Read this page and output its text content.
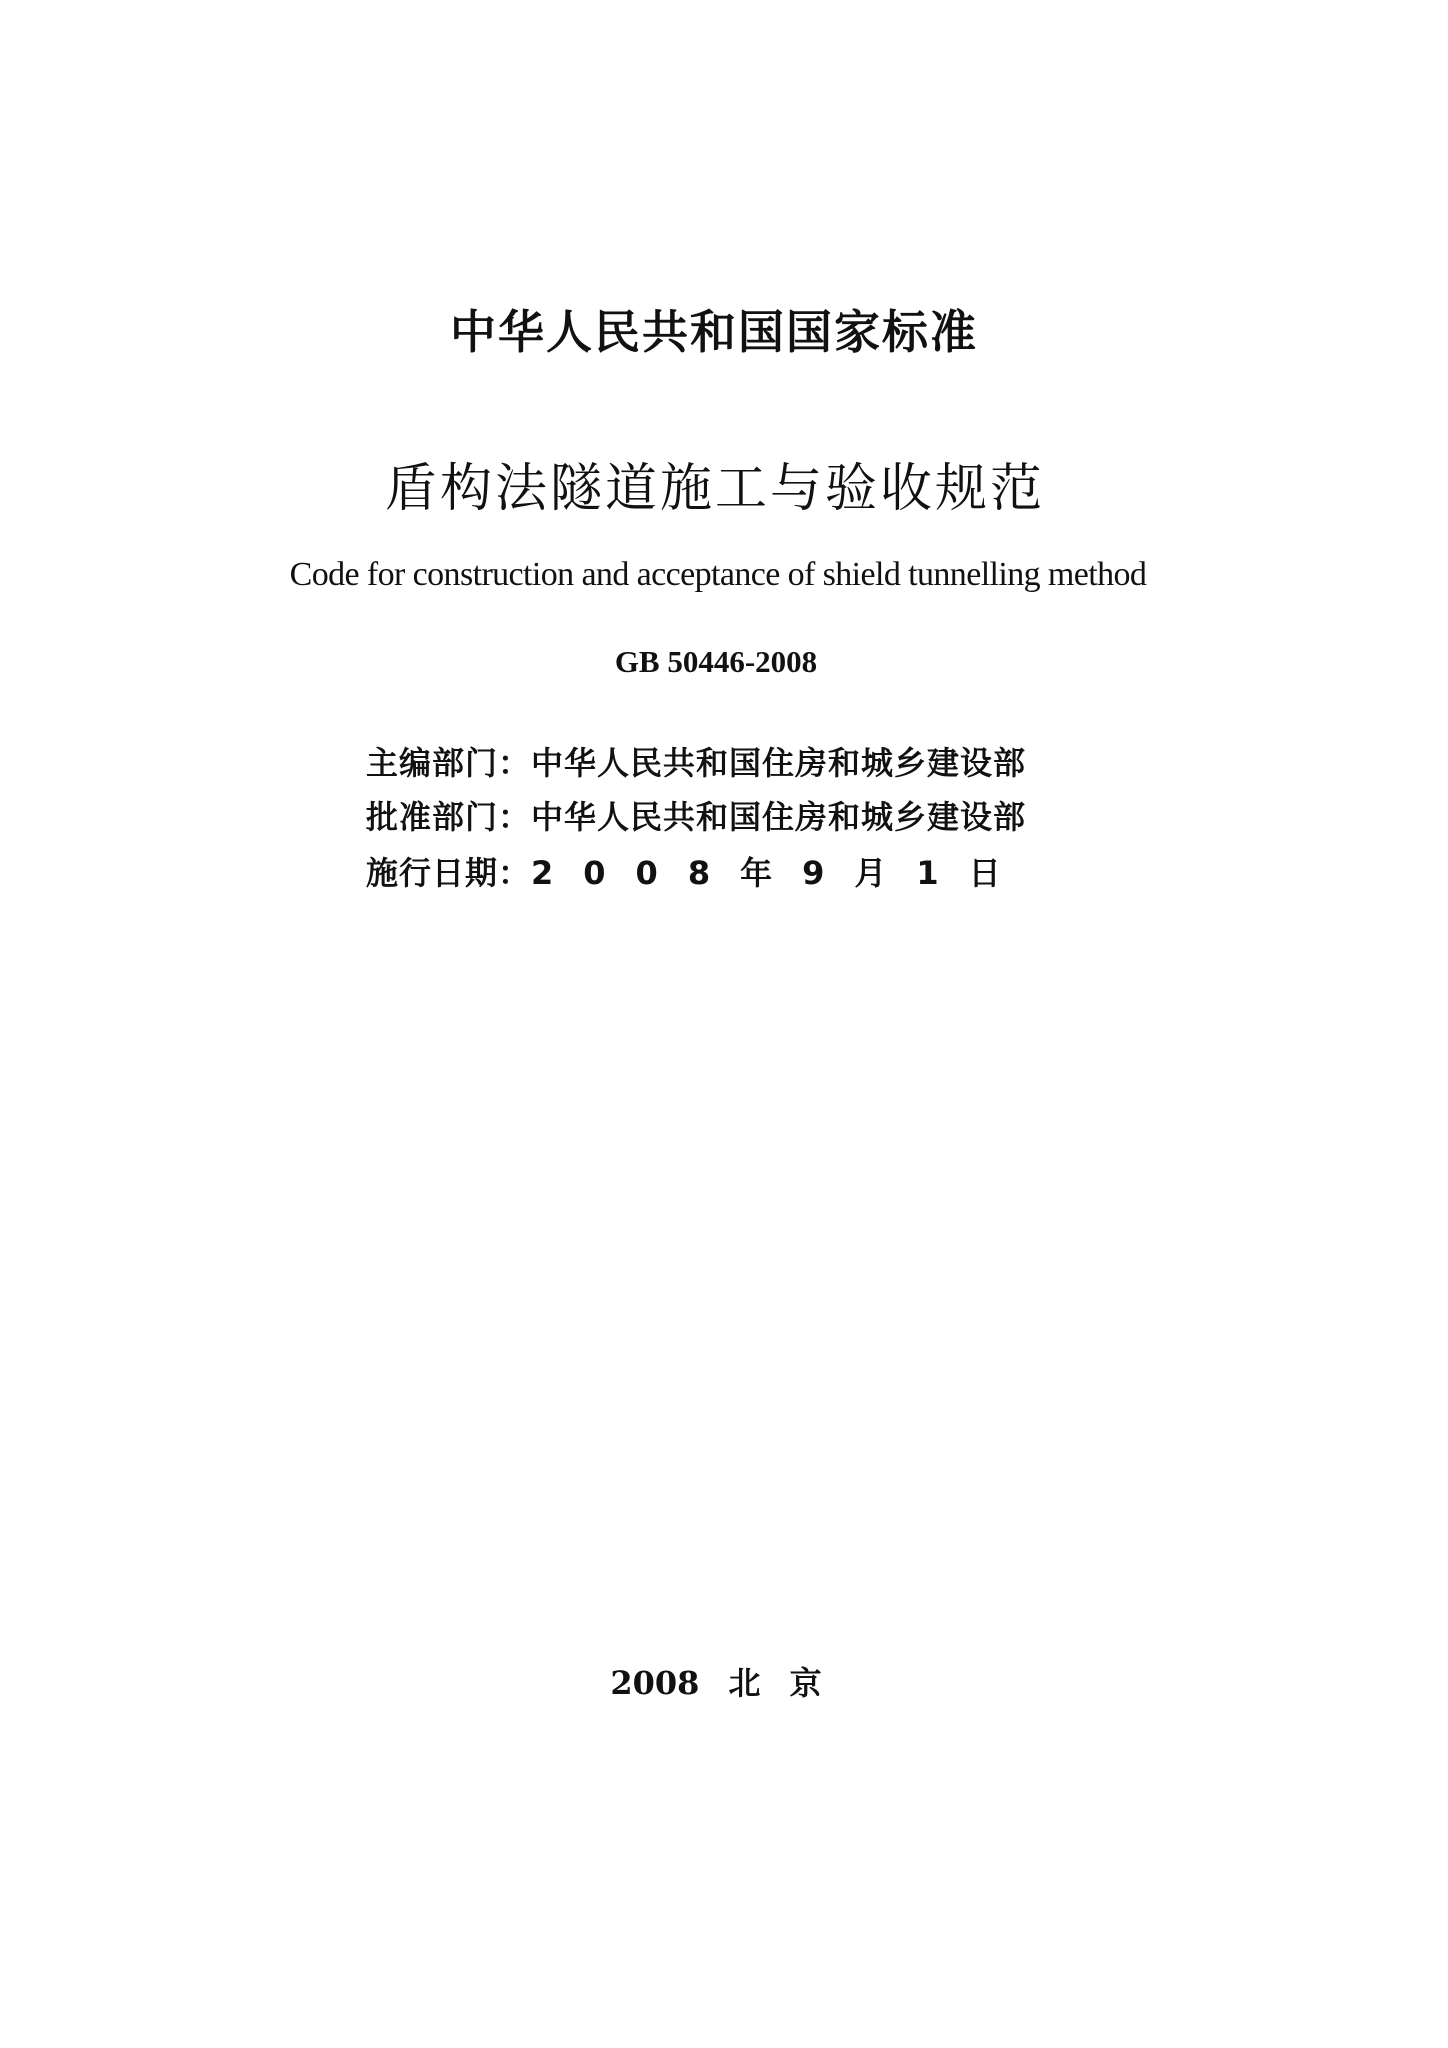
中华人民共和国国家标准
盾构法隧道施工与验收规范
Code for construction and acceptance of shield tunnelling method
GB 50446-2008
主编部门：中华人民共和国住房和城乡建设部
批准部门：中华人民共和国住房和城乡建设部
施行日期：2 0 0 8 年 9 月 1 日
2008 北 京
